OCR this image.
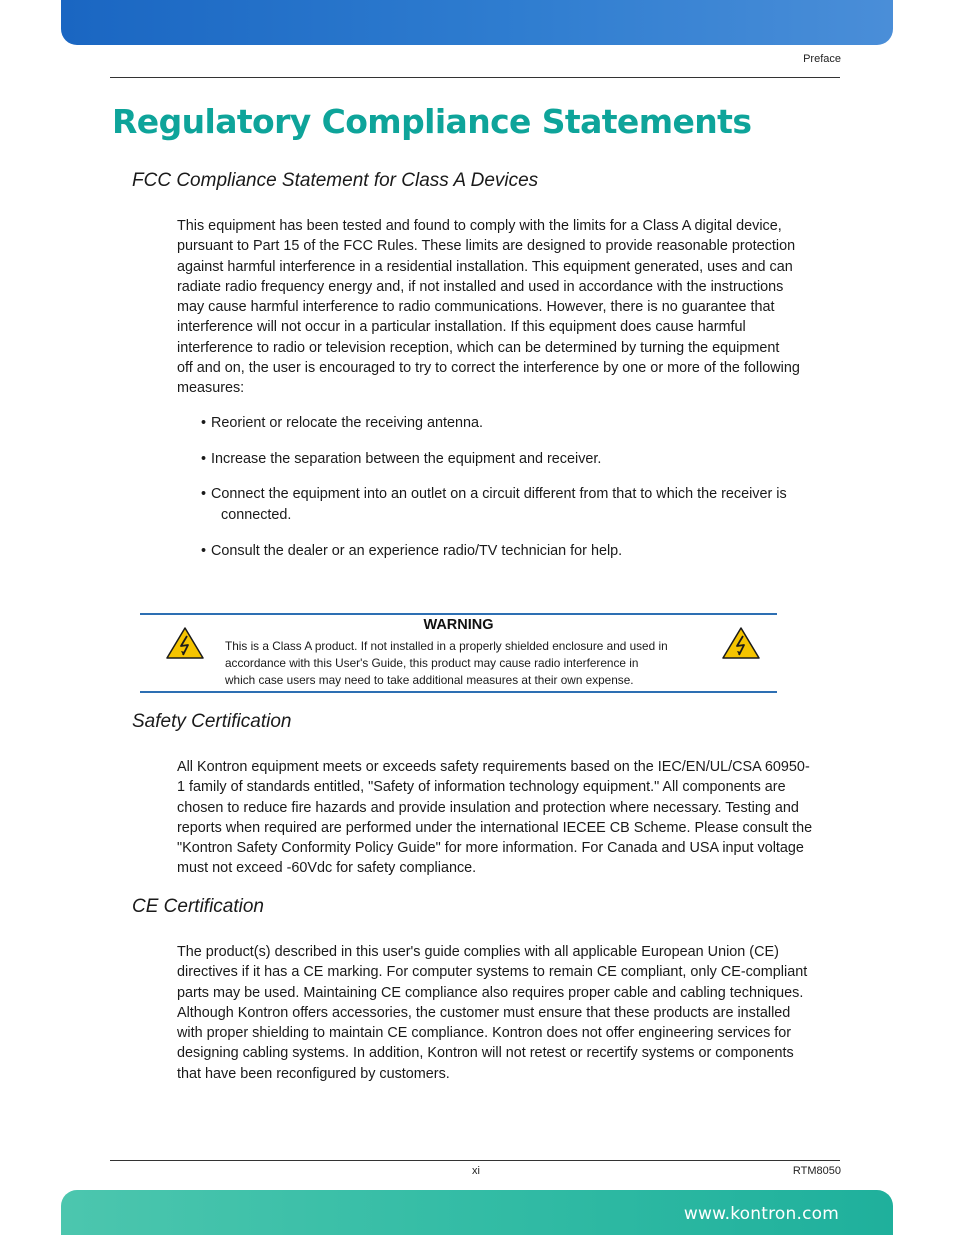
Preface
Regulatory Compliance Statements
FCC Compliance Statement for Class A Devices

This equipment has been tested and found to comply with the limits for a Class A digital device,
pursuant to Part 15 of the FCC Rules. These limits are designed to provide reasonable protection
against harmful interference in a residential installation. This equipment generated, uses and can
radiate radio frequency energy and, if not installed and used in accordance with the instructions
may cause harmful interference to radio communications. However, there is no guarantee that
interference will not occur in a particular installation. If this equipment does cause harmful
interference to radio or television reception, which can be determined by turning the equipment
off and on, the user is encouraged to try to correct the interference by one or more of the following
measures:

• Reorient or relocate the receiving antenna.
• Increase the separation between the equipment and receiver.
• Connect the equipment into an outlet on a circuit different from that to which the receiver is
connected.
• Consult the dealer or an experience radio/TV technician for help.
WARNING

This is a Class A product. If not installed in a properly shielded enclosure and used in
accordance with this User's Guide, this product may cause radio interference in
which case users may need to take additional measures at their own expense.

Safety Certification

All Kontron equipment meets or exceeds safety requirements based on the IEC/EN/UL/CSA 60950-
1 family of standards entitled, "Safety of information technology equipment." All components are
chosen to reduce fire hazards and provide insulation and protection where necessary. Testing and
reports when required are performed under the international IECEE CB Scheme. Please consult the
"Kontron Safety Conformity Policy Guide" for more information. For Canada and USA input voltage
must not exceed -60Vdc for safety compliance.

CE Certification

The product(s) described in this user's guide complies with all applicable European Union (CE)
directives if it has a CE marking. For computer systems to remain CE compliant, only CE-compliant
parts may be used. Maintaining CE compliance also requires proper cable and cabling techniques.
Although Kontron offers accessories, the customer must ensure that these products are installed
with proper shielding to maintain CE compliance. Kontron does not offer engineering services for
designing cabling systems. In addition, Kontron will not retest or recertify systems or components
that have been reconfigured by customers.

xi	RTM8050
www.kontron.com
